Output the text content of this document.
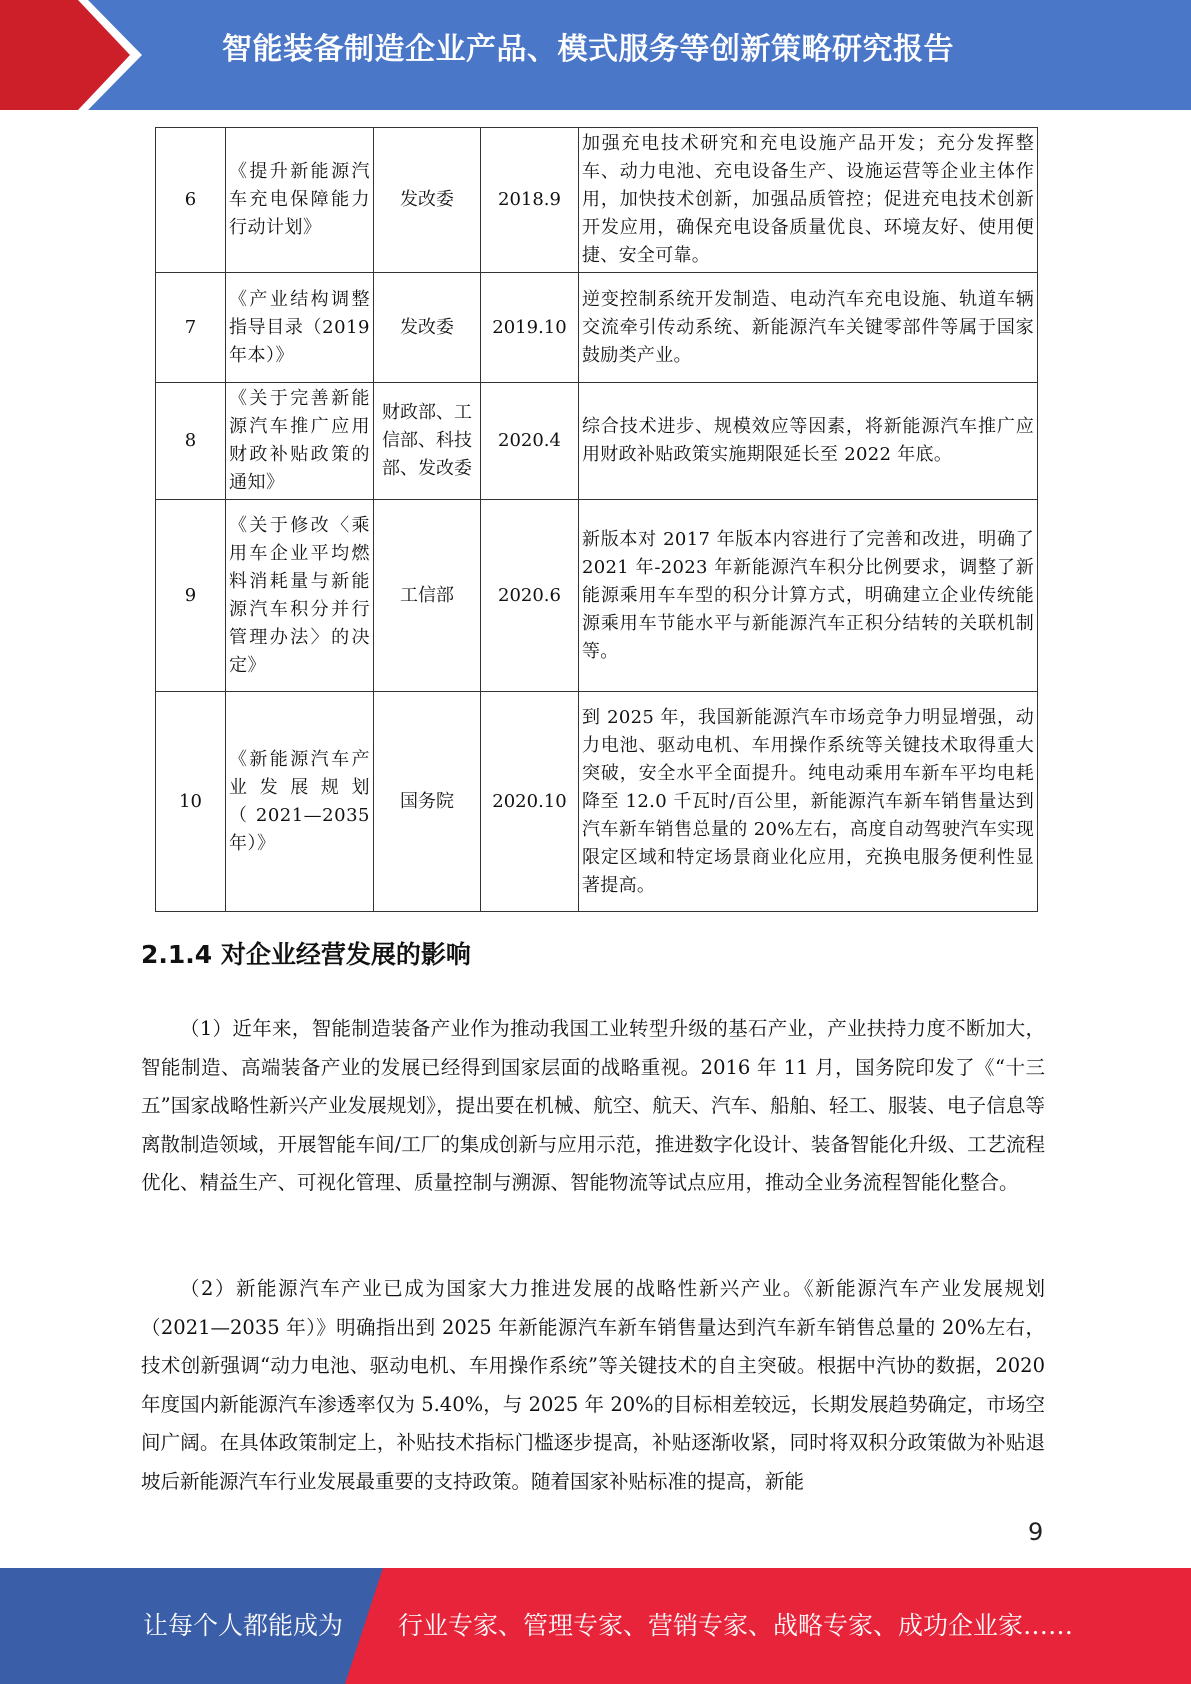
智能装备制造企业产品、模式服务等创新策略研究报告
6	《提升新能源汽车充电保障能力行动计划》	发改委	2018.9	加强充电技术研究和充电设施产品开发；充分发挥整车、动力电池、充电设备生产、设施运营等企业主体作用，加快技术创新，加强品质管控；促进充电技术创新开发应用，确保充电设备质量优良、环境友好、使用便捷、安全可靠。
7	《产业结构调整指导目录（2019年本）》	发改委	2019.10	逆变控制系统开发制造、电动汽车充电设施、轨道车辆交流牵引传动系统、新能源汽车关键零部件等属于国家鼓励类产业。
8	《关于完善新能源汽车推广应用财政补贴政策的通知》	财政部、工信部、科技部、发改委	2020.4	综合技术进步、规模效应等因素，将新能源汽车推广应用财政补贴政策实施期限延长至 2022 年底。
9	《关于修改〈乘用车企业平均燃料消耗量与新能源汽车积分并行管理办法〉的决定》	工信部	2020.6	新版本对 2017 年版本内容进行了完善和改进，明确了 2021 年-2023 年新能源汽车积分比例要求，调整了新能源乘用车车型的积分计算方式，明确建立企业传统能源乘用车节能水平与新能源汽车正积分结转的关联机制等。
10	《新能源汽车产业发展规划（2021—2035年）》	国务院	2020.10	到 2025 年，我国新能源汽车市场竞争力明显增强，动力电池、驱动电机、车用操作系统等关键技术取得重大突破，安全水平全面提升。纯电动乘用车新车平均电耗降至 12.0 千瓦时/百公里，新能源汽车新车销售量达到汽车新车销售总量的 20%左右，高度自动驾驶汽车实现限定区域和特定场景商业化应用，充换电服务便利性显著提高。
2.1.4 对企业经营发展的影响

（1）近年来，智能制造装备产业作为推动我国工业转型升级的基石产业，产业扶持力度不断加大，智能制造、高端装备产业的发展已经得到国家层面的战略重视。2016 年 11 月，国务院印发了《“十三五”国家战略性新兴产业发展规划》，提出要在机械、航空、航天、汽车、船舶、轻工、服装、电子信息等离散制造领域，开展智能车间/工厂的集成创新与应用示范，推进数字化设计、装备智能化升级、工艺流程优化、精益生产、可视化管理、质量控制与溯源、智能物流等试点应用，推动全业务流程智能化整合。

（2）新能源汽车产业已成为国家大力推进发展的战略性新兴产业。《新能源汽车产业发展规划（2021—2035 年）》明确指出到 2025 年新能源汽车新车销售量达到汽车新车销售总量的 20%左右，技术创新强调“动力电池、驱动电机、车用操作系统”等关键技术的自主突破。根据中汽协的数据，2020 年度国内新能源汽车渗透率仅为 5.40%，与 2025 年 20%的目标相差较远，长期发展趋势确定，市场空间广阔。在具体政策制定上，补贴技术指标门槛逐步提高，补贴逐渐收紧，同时将双积分政策做为补贴退坡后新能源汽车行业发展最重要的支持政策。随着国家补贴标准的提高，新能

9
让每个人都能成为 行业专家、管理专家、营销专家、战略专家、成功企业家……
